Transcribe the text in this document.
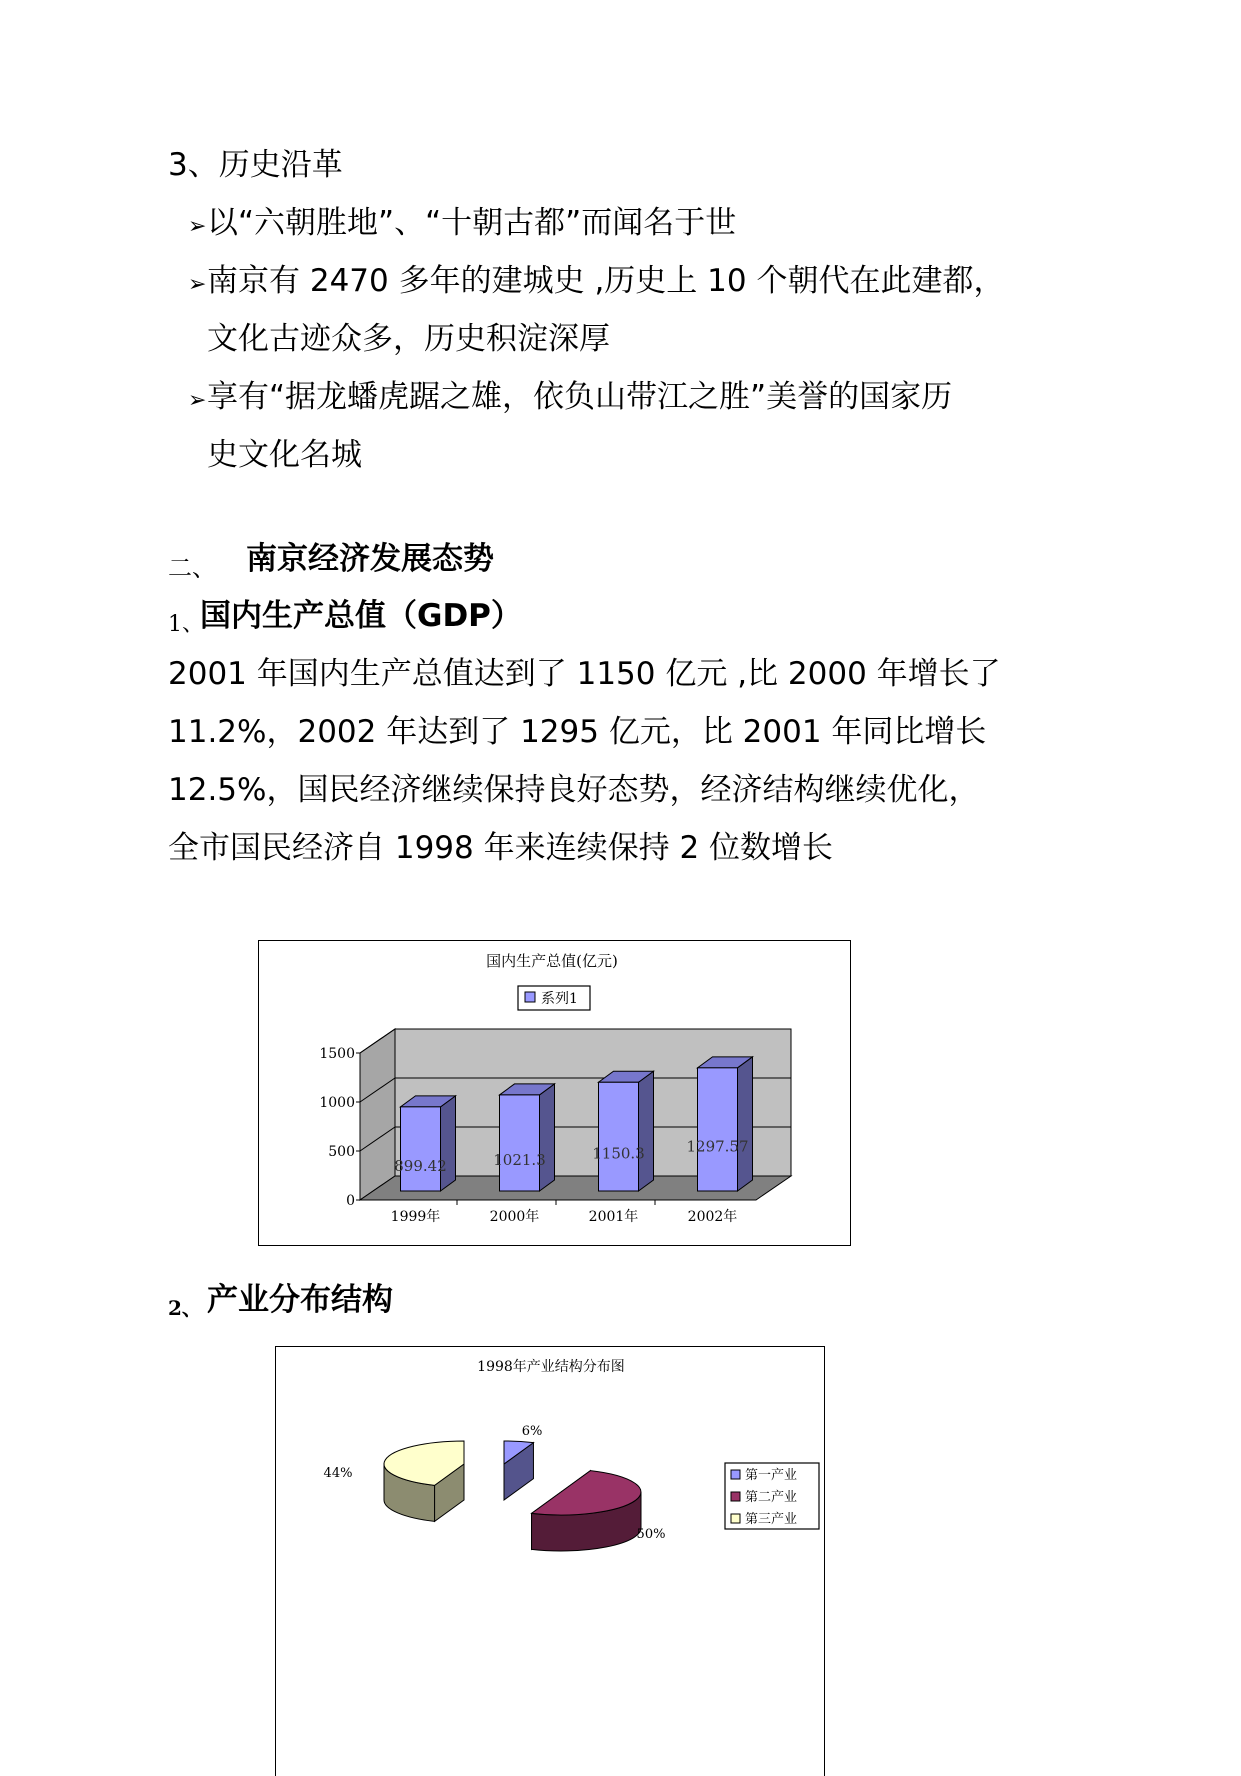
3、历史沿革
➢ 以“六朝胜地”、“十朝古都”而闻名于世
➢ 南京有 2470 多年的建城史 ,历史上 10 个朝代在此建都，
文化古迹众多，历史积淀深厚
➢ 享有“据龙蟠虎踞之雄，依负山带江之胜”美誉的国家历
史文化名城
二、 南京经济发展态势
1、
国内生产总值（GDP）
2001 年国内生产总值达到了 1150 亿元 ,比 2000 年增长了
11.2%，2002 年达到了 1295 亿元，比 2001 年同比增长
12.5%，国民经济继续保持良好态势，经济结构继续优化，
全市国民经济自 1998 年来连续保持 2 位数增长
国内生产总值(亿元)
系列1
0
500
1000
1500
899.42
1999年
1021.3
2000年
1150.3
2001年
1297.57
2002年
2、 产业分布结构
1998年产业结构分布图
44%
6%
50%
第一产业
第二产业
第三产业
